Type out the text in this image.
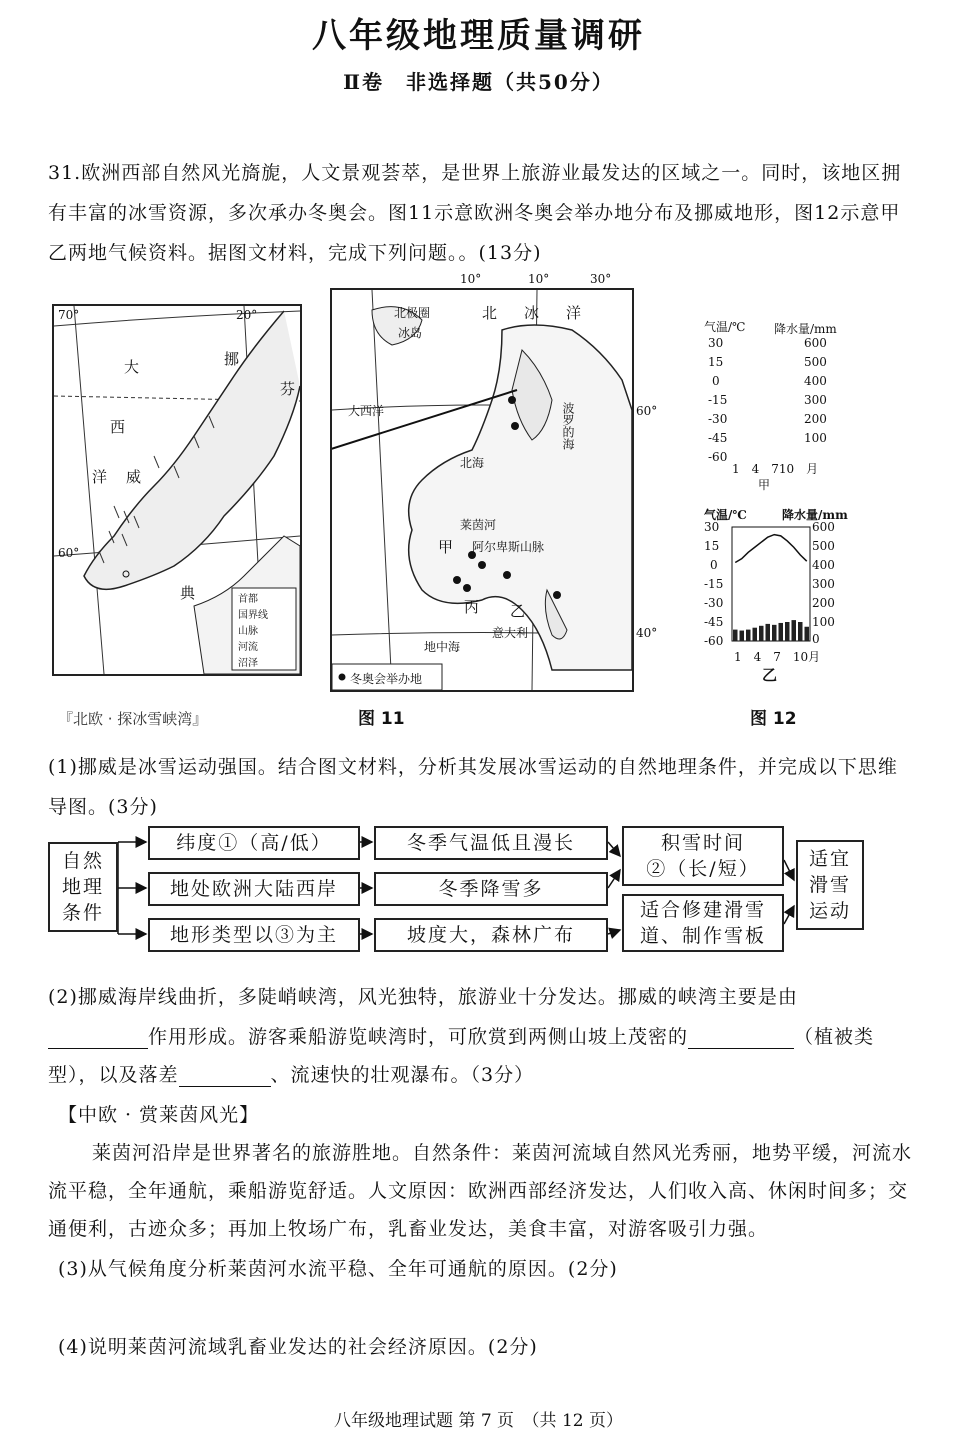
八年级地理质量调研
Ⅱ卷　非选择题（共50分）
31.欧洲西部自然风光旖旎，人文景观荟萃，是世界上旅游业最发达的区域之一。同时，该地区拥
有丰富的冰雪资源，多次承办冬奥会。图11示意欧洲冬奥会举办地分布及挪威地形，图12示意甲
乙两地气候资料。据图文材料，完成下列问题。。(13分)
70°	20°
60°
大
西
洋
挪
威
芬
典	首都
国界线
山脉
河流
沼泽
北　冰　洋
北极圈
冰岛
大西洋
北海
波罗的海
莱茵河
阿尔卑斯山脉
甲
丙 乙
意大利
地中海
冬奥会举办地
10°	10°	30°
60°
40°
『北欧 · 探冰雪峡湾』	图 11
气温/℃ 降水量/mm
30
15
0
-15
-30
-45
-60
600
500
400
300
200
100
1　4　710　月
甲
气温/℃	降水量/mm
30
15
0
-15
-30
-45
-60
600
500
400
300
200
100
0
1　4　7　10月
乙
图 12
(1)挪威是冰雪运动强国。结合图文材料，分析其发展冰雪运动的自然地理条件，并完成以下思维
导图。(3分)
自然
地理
条件
纬度①（高/低）
地处欧洲大陆西岸
地形类型以③为主
冬季气温低且漫长
冬季降雪多
坡度大，森林广布
积雪时间
②（长/短）
适合修建滑雪
道、制作雪板
适宜
滑雪
运动
(2)挪威海岸线曲折，多陡峭峡湾，风光独特，旅游业十分发达。挪威的峡湾主要是由
作用形成。游客乘船游览峡湾时，可欣赏到两侧山坡上茂密的	（植被类
型），以及落差	、流速快的壮观瀑布。（3分）
【中欧 · 赏莱茵风光】
莱茵河沿岸是世界著名的旅游胜地。自然条件：莱茵河流域自然风光秀丽，地势平缓，河流水
流平稳，全年通航，乘船游览舒适。人文原因：欧洲西部经济发达，人们收入高、休闲时间多；交
通便利，古迹众多；再加上牧场广布，乳畜业发达，美食丰富，对游客吸引力强。
(3)从气候角度分析莱茵河水流平稳、全年可通航的原因。(2分)
(4)说明莱茵河流域乳畜业发达的社会经济原因。(2分)
八年级地理试题 第 7 页　（共 12 页）
